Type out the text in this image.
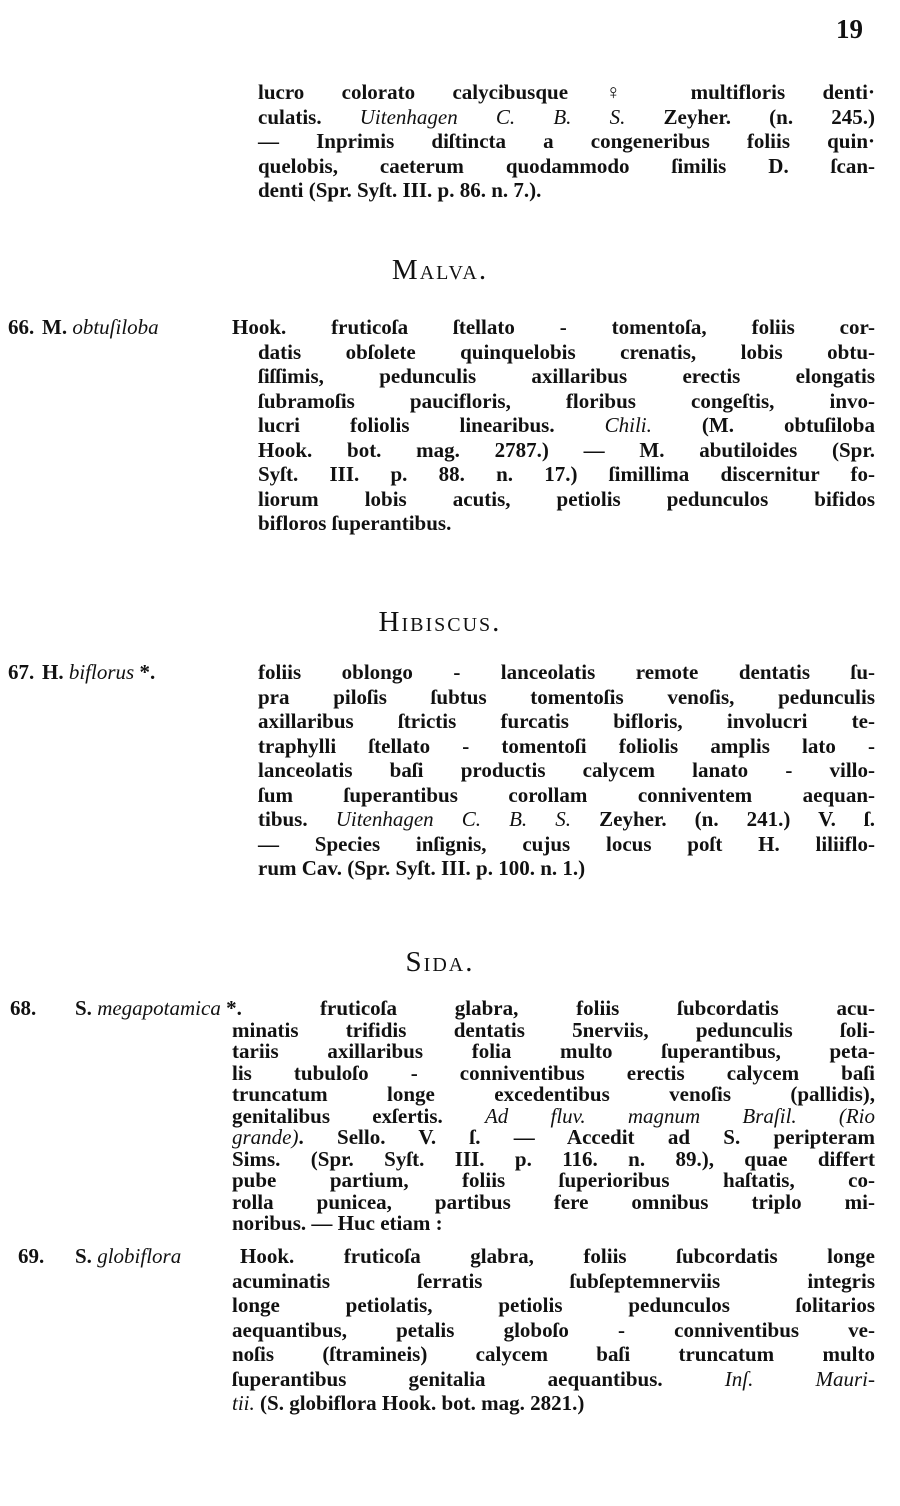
19
lucro colorato calycibusque ♀ multifloris denti·
culatis. Uitenhagen C. B. S. Zeyher. (n. 245.)
— Inprimis diſtincta a congeneribus foliis quin·
quelobis, caeterum quodammodo ſimilis D. ſcan-
denti (Spr. Syſt. III. p. 86. n. 7.).
Malva.
Hibiscus.
Sida.
66. M. obtuſiloba	Hook. fruticoſa ſtellato - tomentoſa, foliis cor-
datis obſolete quinquelobis crenatis, lobis obtu-
ſiſſimis, pedunculis axillaribus erectis elongatis
ſubramoſis paucifloris, floribus congeſtis, invo-
lucri foliolis linearibus. Chili. (M. obtuſiloba
Hook. bot. mag. 2787.) — M. abutiloides (Spr.
Syſt. III. p. 88. n. 17.) ſimillima discernitur fo-
liorum lobis acutis, petiolis pedunculos bifidos
bifloros ſuperantibus.
67. H. biflorus *.	foliis oblongo - lanceolatis remote dentatis ſu-
pra piloſis ſubtus tomentoſis venoſis, pedunculis
axillaribus ſtrictis furcatis bifloris, involucri te-
traphylli ſtellato - tomentoſi foliolis amplis lato -
lanceolatis baſi productis calycem lanato - villo-
ſum ſuperantibus corollam conniventem aequan-
tibus. Uitenhagen C. B. S. Zeyher. (n. 241.) V. ſ.
— Species inſignis, cujus locus poſt H. liliiflo-
rum Cav. (Spr. Syſt. III. p. 100. n. 1.)
68. S. megapotamica *.	fruticoſa glabra, foliis ſubcordatis acu-
minatis trifidis dentatis 5nerviis, pedunculis ſoli-
tariis axillaribus folia multo ſuperantibus, peta-
lis tubuloſo - conniventibus erectis calycem baſi
truncatum longe excedentibus venoſis (pallidis),
genitalibus exſertis. Ad fluv. magnum Braſil. (Rio
grande). Sello. V. ſ. — Accedit ad S. peripteram
Sims. (Spr. Syſt. III. p. 116. n. 89.), quae differt
pube partium, foliis ſuperioribus haſtatis, co-
rolla punicea, partibus fere omnibus triplo mi-
noribus. — Huc etiam :
69. S. globiflora	Hook. fruticoſa glabra, foliis ſubcordatis longe
acuminatis ſerratis ſubſeptemnerviis integris
longe petiolatis, petiolis pedunculos ſolitarios
aequantibus, petalis globoſo - conniventibus ve-
noſis (ſtramineis) calycem baſi truncatum multo
ſuperantibus genitalia aequantibus. Inſ. Mauri-
tii. (S. globiflora Hook. bot. mag. 2821.)
